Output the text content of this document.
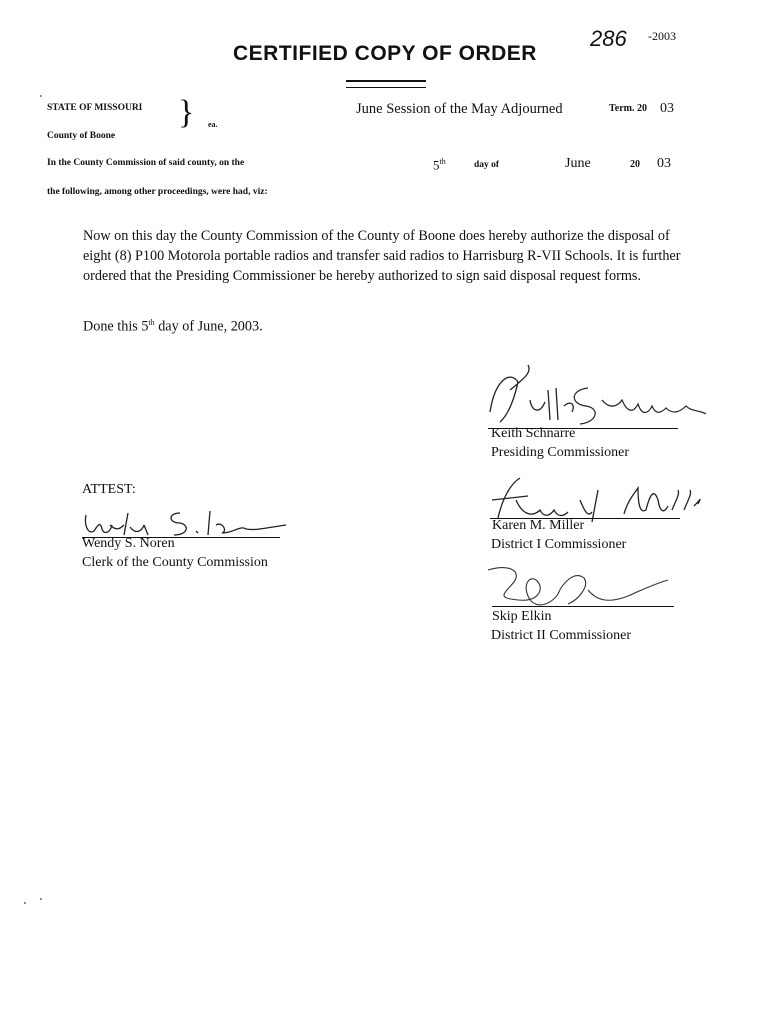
CERTIFIED COPY OF ORDER
286 -2003
STATE OF MISSOURI
County of Boone
} ea.
June Session of the May Adjourned	Term. 20 03
In the County Commission of said county, on the	5th	day of	June	20 03
the following, among other proceedings, were had, viz:
Now on this day the County Commission of the County of Boone does hereby authorize the disposal of eight (8) P100 Motorola portable radios and transfer said radios to Harrisburg R-VII Schools. It is further ordered that the Presiding Commissioner be hereby authorized to sign said disposal request forms.
Done this 5th day of June, 2003.
Keith Schnarre
Presiding Commissioner
Karen M. Miller
District I Commissioner
Skip Elkin
District II Commissioner
ATTEST:
Wendy S. Noren
Clerk of the County Commission
